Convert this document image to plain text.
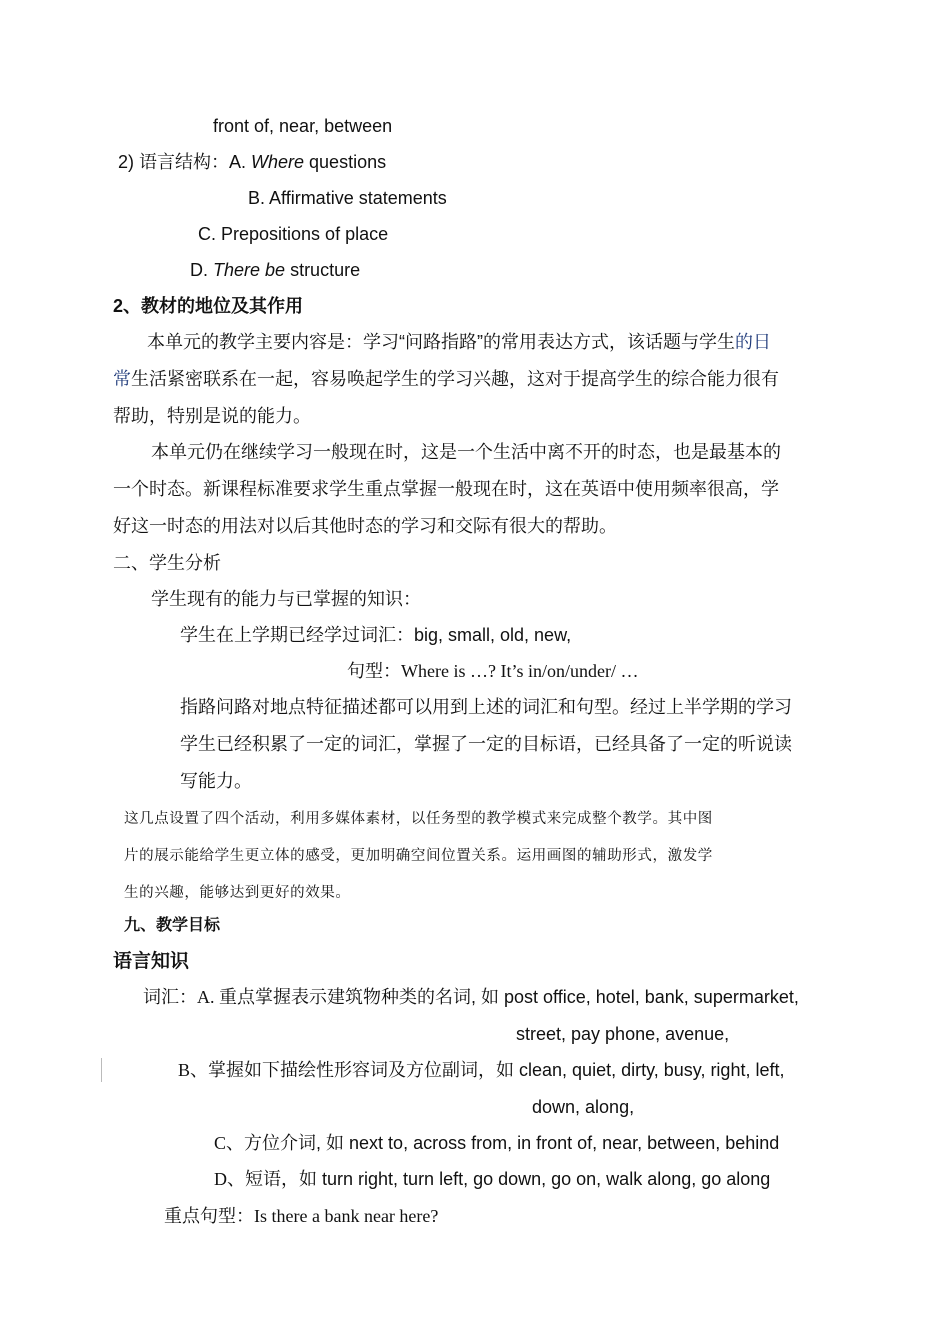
front of, near, between
2) 语言结构：A. Where questions
B. Affirmative statements
C. Prepositions of place
D. There be structure
2、教材的地位及其作用
本单元的教学主要内容是：学习“问路指路”的常用表达方式，该话题与学生的日
常生活紧密联系在一起，容易唤起学生的学习兴趣，这对于提高学生的综合能力很有
帮助，特别是说的能力。
本单元仍在继续学习一般现在时，这是一个生活中离不开的时态，也是最基本的
一个时态。新课程标准要求学生重点掌握一般现在时，这在英语中使用频率很高，学
好这一时态的用法对以后其他时态的学习和交际有很大的帮助。
二、学生分析
学生现有的能力与已掌握的知识：
学生在上学期已经学过词汇：big, small, old, new,
句型：Where is …? It’s in/on/under/ …
指路问路对地点特征描述都可以用到上述的词汇和句型。经过上半学期的学习
学生已经积累了一定的词汇，掌握了一定的目标语，已经具备了一定的听说读
写能力。
这几点设置了四个活动，利用多媒体素材，以任务型的教学模式来完成整个教学。其中图
片的展示能给学生更立体的感受，更加明确空间位置关系。运用画图的辅助形式，激发学
生的兴趣，能够达到更好的效果。
九、教学目标
语言知识
词汇：A. 重点掌握表示建筑物种类的名词, 如 post office, hotel, bank, supermarket,
street, pay phone, avenue,
B、掌握如下描绘性形容词及方位副词，如 clean, quiet, dirty, busy, right, left,
down, along,
C、方位介词, 如 next to, across from, in front of, near, between, behind
D、短语，如 turn right, turn left, go down, go on, walk along, go along
重点句型：Is there a bank near here?
